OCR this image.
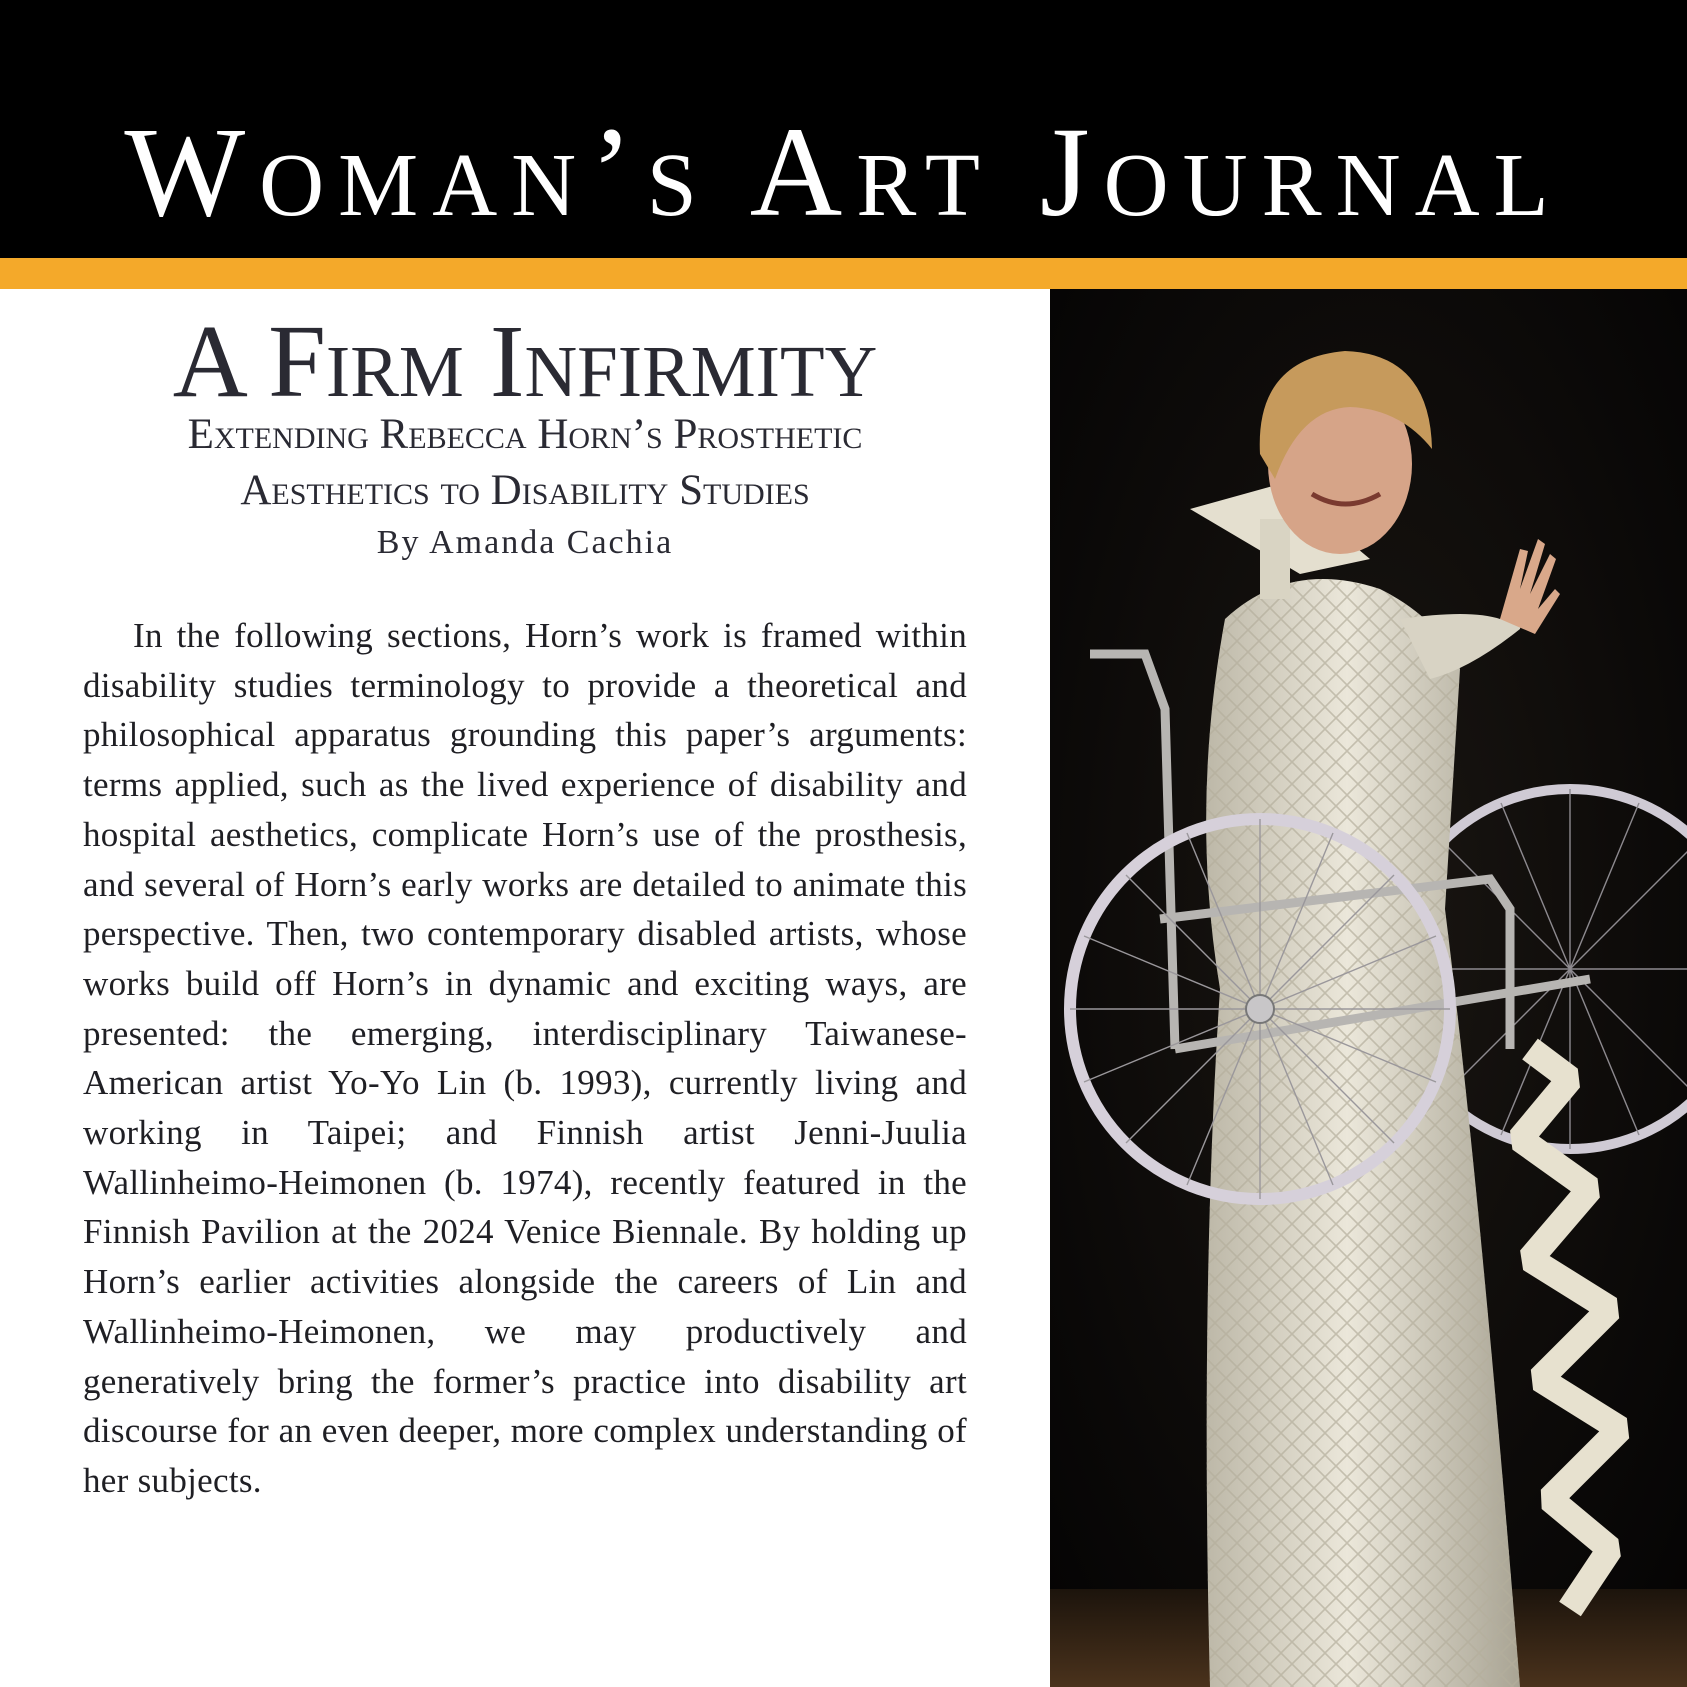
Woman’s Art Journal
A Firm Infirmity
Extending Rebecca Horn’s Prosthetic
Aesthetics to Disability Studies
By Amanda Cachia

In the following sections, Horn’s work is framed within disability studies terminology to provide a theoretical and philosophical apparatus grounding this paper’s arguments: terms applied, such as the lived experience of disability and hospital aesthetics, complicate Horn’s use of the prosthesis, and several of Horn’s early works are detailed to animate this perspective. Then, two contemporary disabled artists, whose works build off Horn’s in dynamic and exciting ways, are presented: the emerging, interdisciplinary Taiwanese-American artist Yo-Yo Lin (b. 1993), currently living and working in Taipei; and Finnish artist Jenni-Juulia Wallinheimo-Heimonen (b. 1974), recently featured in the Finnish Pavilion at the 2024 Venice Biennale. By holding up Horn’s earlier activities alongside the careers of Lin and Wallinheimo-Heimonen, we may productively and generatively bring the former’s practice into disability art discourse for an even deeper, more complex understanding of her subjects.
